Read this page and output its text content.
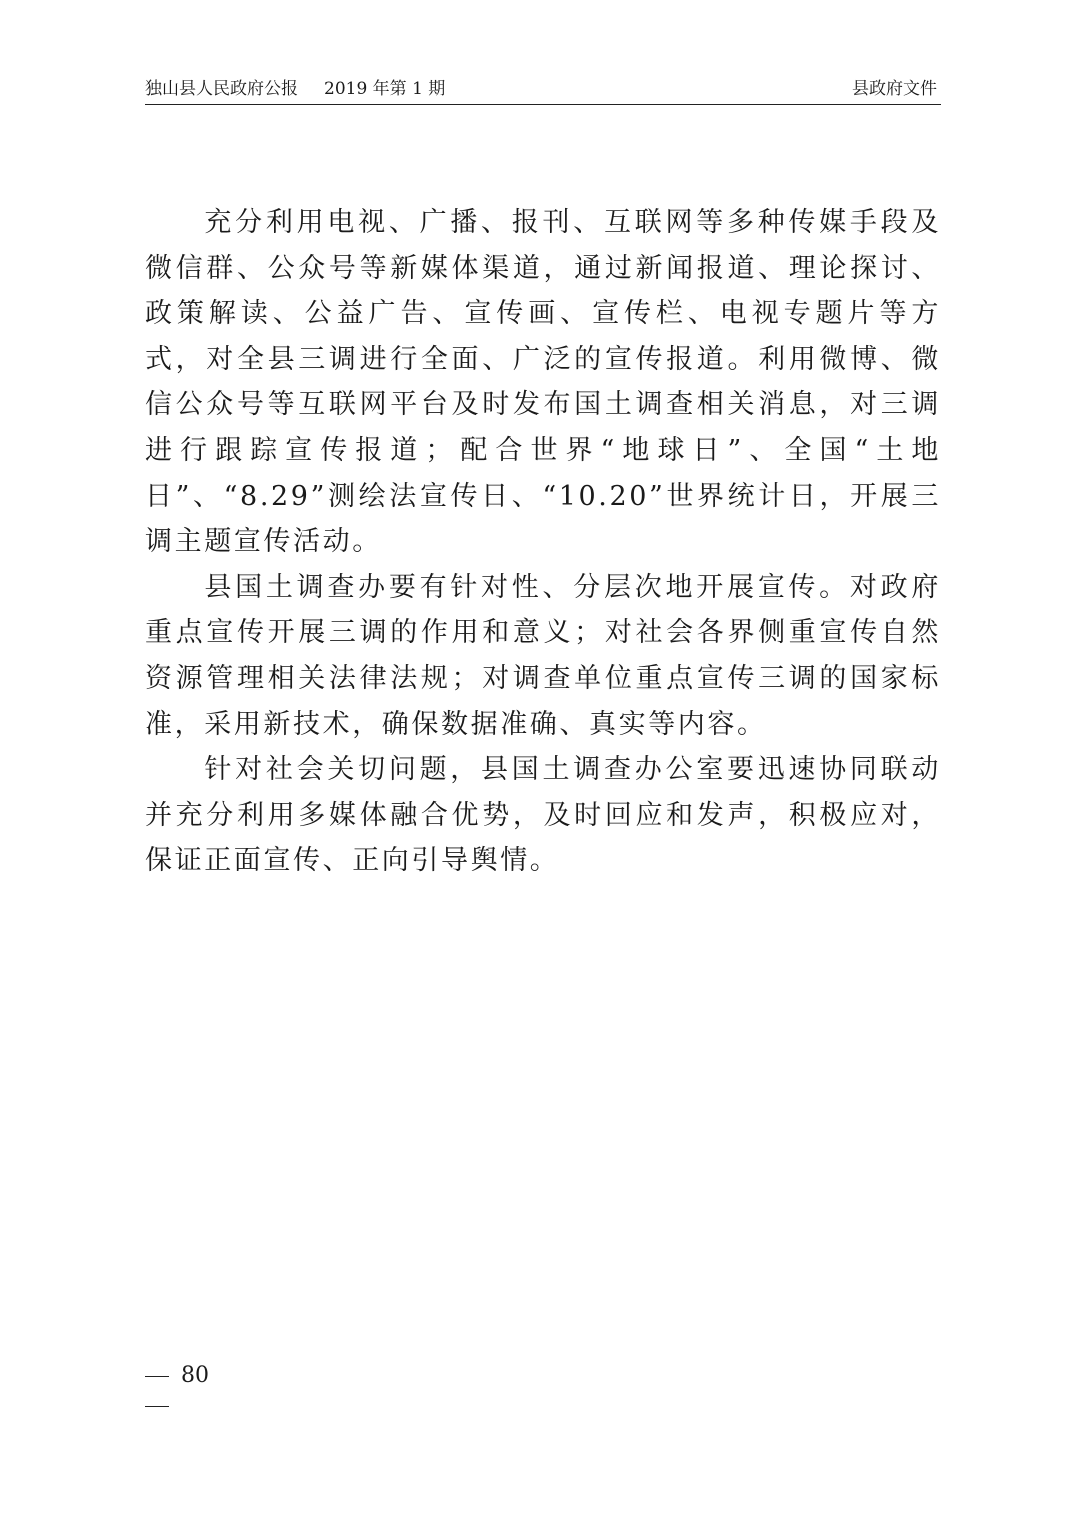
独山县人民政府公报 2019 年第 1 期	县政府文件

充分利用电视、广播、报刊、互联网等多种传媒手段及微信群、公众号等新媒体渠道，通过新闻报道、理论探讨、政策解读、公益广告、宣传画、宣传栏、电视专题片等方式，对全县三调进行全面、广泛的宣传报道。利用微博、微信公众号等互联网平台及时发布国土调查相关消息，对三调进行跟踪宣传报道；配合世界“地球日”、全国“土地日”、“8.29”测绘法宣传日、“10.20”世界统计日，开展三调主题宣传活动。

县国土调查办要有针对性、分层次地开展宣传。对政府重点宣传开展三调的作用和意义；对社会各界侧重宣传自然资源管理相关法律法规；对调查单位重点宣传三调的国家标准，采用新技术，确保数据准确、真实等内容。

针对社会关切问题，县国土调查办公室要迅速协同联动并充分利用多媒体融合优势，及时回应和发声，积极应对，保证正面宣传、正向引导舆情。

80
